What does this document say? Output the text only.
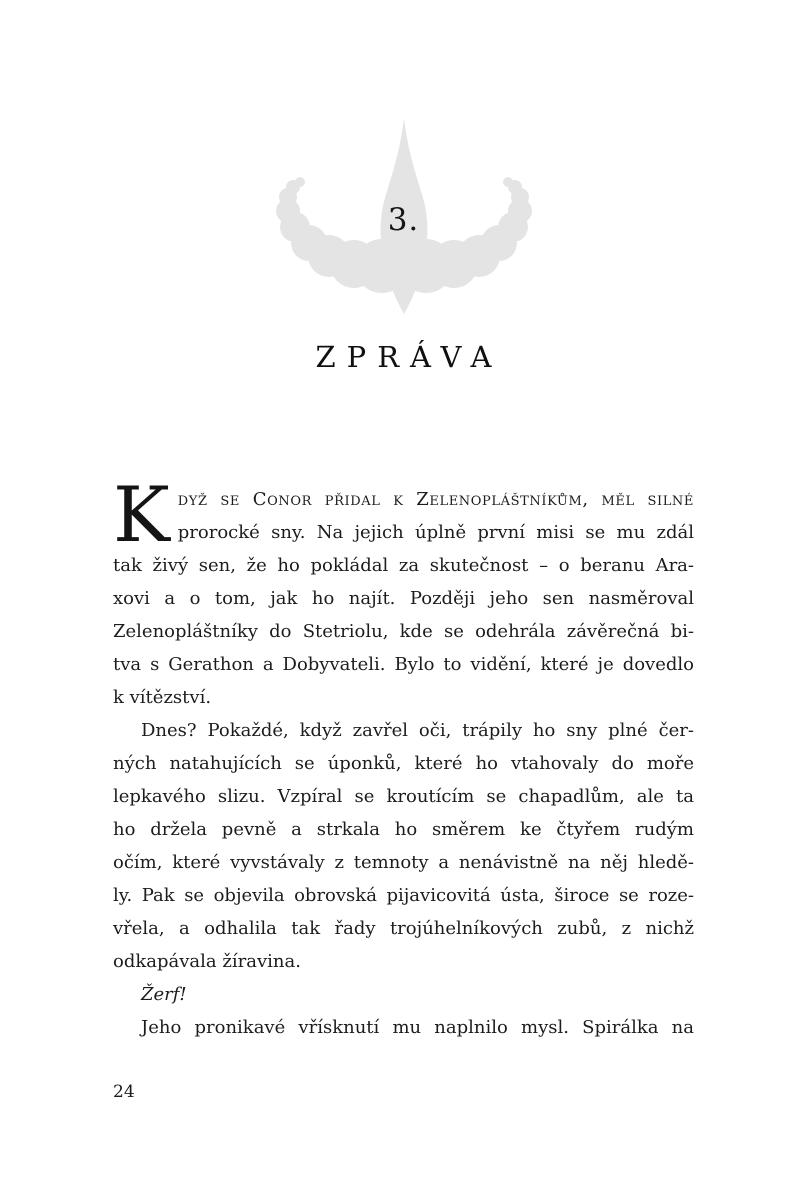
3.
ZPRÁVA
K dyž se Conor přidal k Zelenopláštníkům, měl silné
prorocké sny. Na jejich úplně první misi se mu zdál
tak živý sen, že ho pokládal za skutečnost – o beranu Ara-
xovi a o tom, jak ho najít. Později jeho sen nasměroval
Zelenopláštníky do Stetriolu, kde se odehrála závěrečná bi-
tva s Gerathon a Dobyvateli. Bylo to vidění, které je dovedlo
k vítězství.
Dnes? Pokaždé, když zavřel oči, trápily ho sny plné čer-
ných natahujících se úponků, které ho vtahovaly do moře
lepkavého slizu. Vzpíral se kroutícím se chapadlům, ale ta
ho držela pevně a strkala ho směrem ke čtyřem rudým
očím, které vyvstávaly z temnoty a nenávistně na něj hledě-
ly. Pak se objevila obrovská pijavicovitá ústa, široce se roze-
vřela, a odhalila tak řady trojúhelníkových zubů, z nichž
odkapávala žíravina.
Žerf!
Jeho pronikavé vřísknutí mu naplnilo mysl. Spirálka na
24
